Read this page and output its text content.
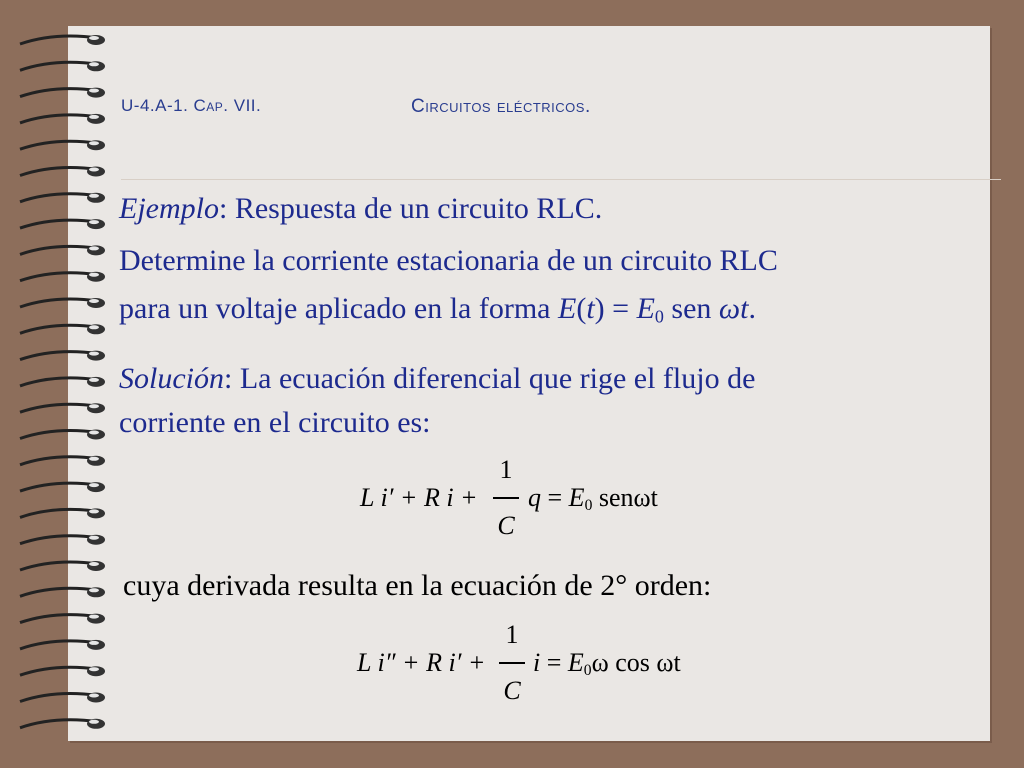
U-4.A-1. Cap. VII.	Circuitos eléctricos.
Ejemplo: Respuesta de un circuito RLC.
Determine la corriente estacionaria de un circuito RLC
para un voltaje aplicado en la forma $E(t) = E_0$ sen ωt.
Solución: La ecuación diferencial que rige el flujo de
corriente en el circuito es:
L i′ + R i +
1
C
$q = E_0$ senωt
cuya derivada resulta en la ecuación de 2° orden:
L i″ + R i′ +
1
C
$i = E_0\omega$ cos ωt
